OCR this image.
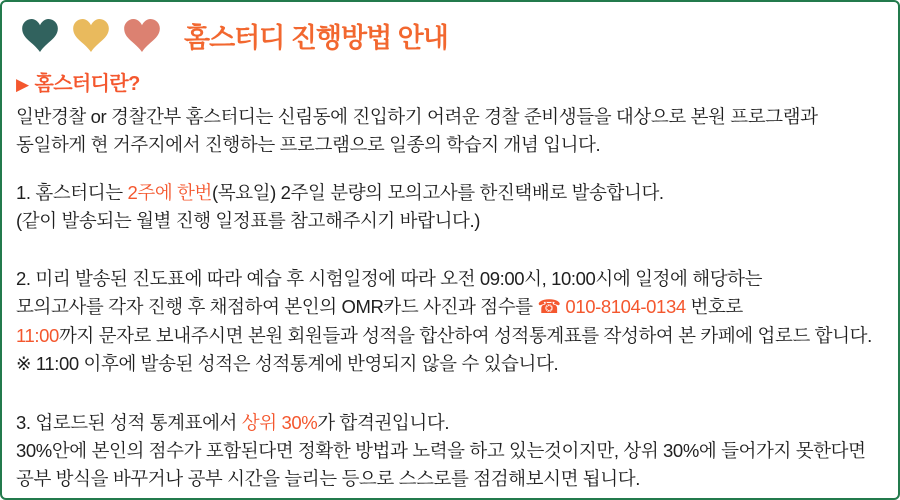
홈스터디 진행방법 안내
▶ 홈스터디란?
일반경찰 or 경찰간부 홈스터디는 신림동에 진입하기 어려운 경찰 준비생들을 대상으로 본원 프로그램과
동일하게 현 거주지에서 진행하는 프로그램으로 일종의 학습지 개념 입니다.
1. 홈스터디는 2주에 한번(목요일) 2주일 분량의 모의고사를 한진택배로 발송합니다.
(같이 발송되는 월별 진행 일정표를 참고해주시기 바랍니다.)
2. 미리 발송된 진도표에 따라 예습 후 시험일정에 따라 오전 09:00시, 10:00시에 일정에 해당하는
모의고사를 각자 진행 후 채점하여 본인의 OMR카드 사진과 점수를 ☎ 010-8104-0134 번호로
11:00까지 문자로 보내주시면 본원 회원들과 성적을 합산하여 성적통계표를 작성하여 본 카페에 업로드 합니다.
※ 11:00 이후에 발송된 성적은 성적통계에 반영되지 않을 수 있습니다.
3. 업로드된 성적 통계표에서 상위 30%가 합격권입니다.
30%안에 본인의 점수가 포함된다면 정확한 방법과 노력을 하고 있는것이지만, 상위 30%에 들어가지 못한다면
공부 방식을 바꾸거나 공부 시간을 늘리는 등으로 스스로를 점검해보시면 됩니다.
